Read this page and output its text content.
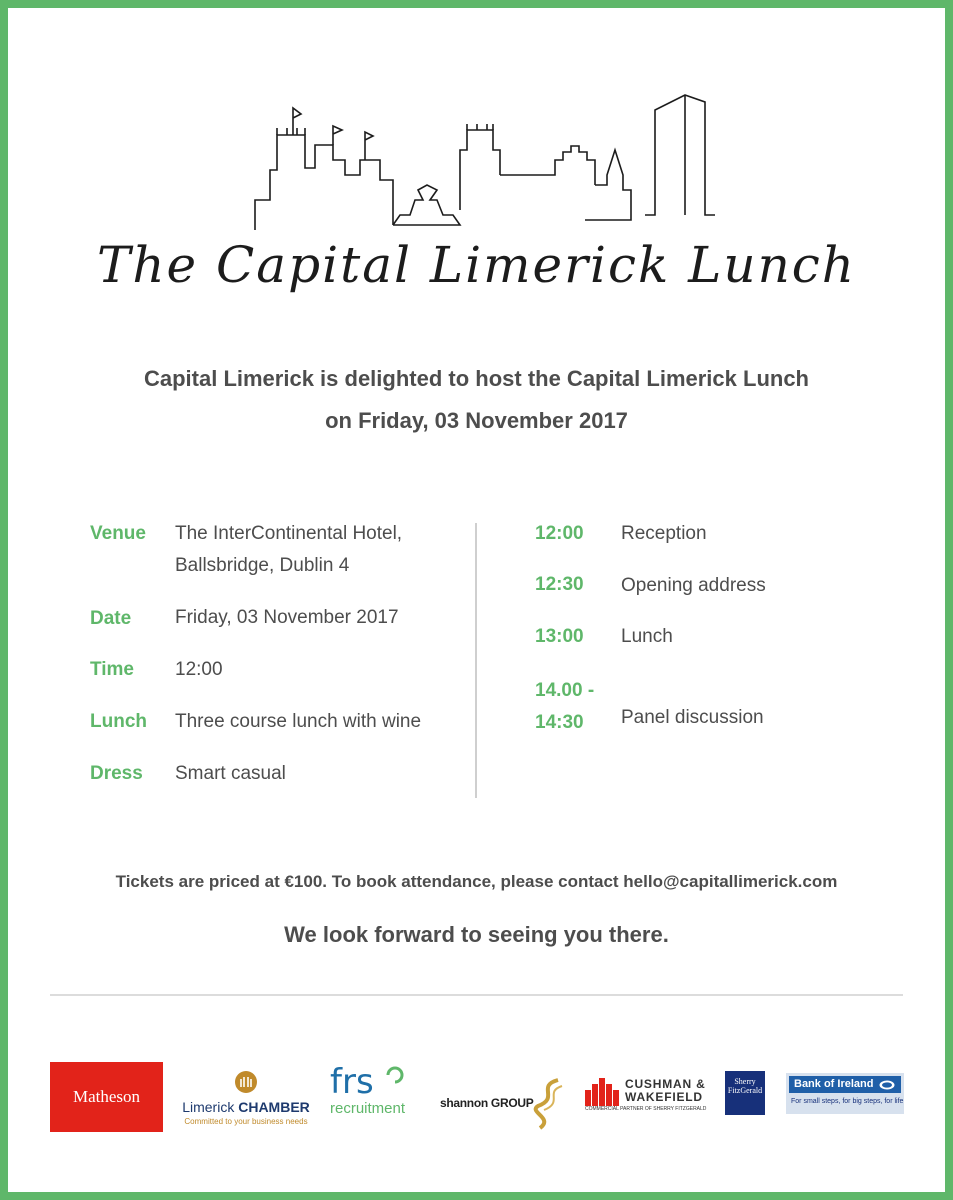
The Capital Limerick Lunch
Capital Limerick is delighted to host the Capital Limerick Lunch
on Friday, 03 November 2017
Venue The InterContinental Hotel,
Ballsbridge, Dublin 4
Date Friday, 03 November 2017
Time 12:00
Lunch Three course lunch with wine
Dress Smart casual
12:00 Reception
12:30 Opening address
13:00 Lunch
14.00 -
14:30	Panel discussion
Tickets are priced at €100. To book attendance, please contact hello@capitallimerick.com
We look forward to seeing you there.
Matheson
Limerick CHAMBER
Committed to your business needs
frs
recruitment	shannon GROUP
CUSHMAN &
WAKEFIELD
COMMERCIAL PARTNER OF SHERRY FITZGERALD
Sherry
FitzGerald
Bank of Ireland
For small steps, for big steps, for life
